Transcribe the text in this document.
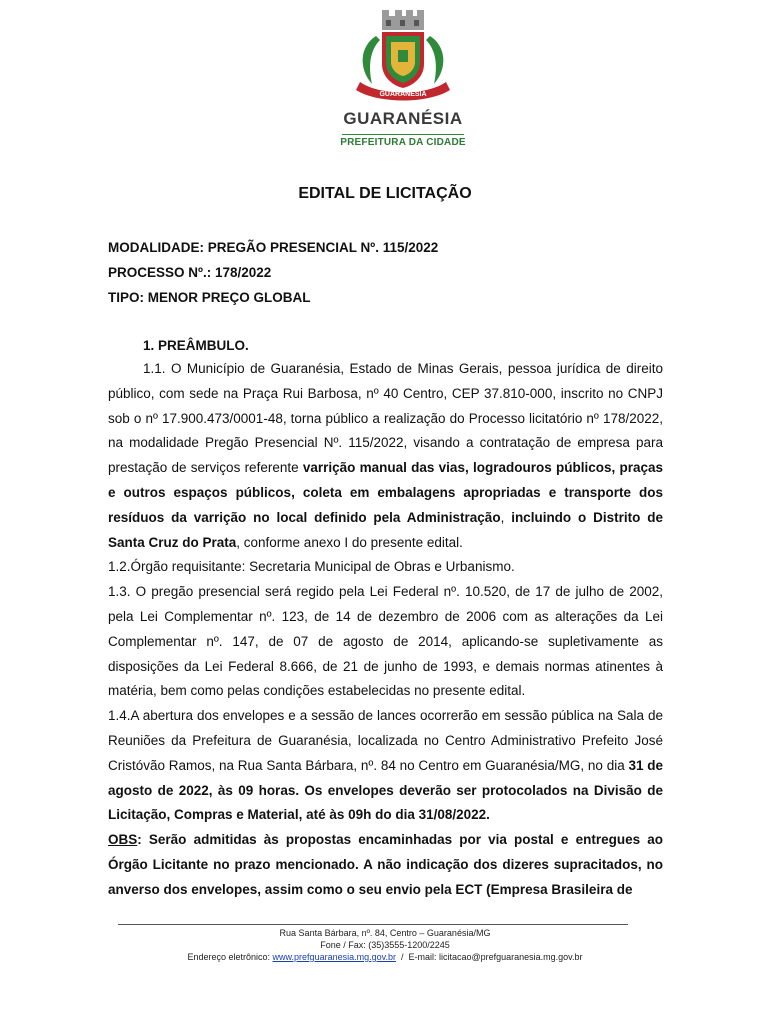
GUARANÉSIA
GUARANÉSIA
PREFEITURA DA CIDADE
EDITAL DE LICITAÇÃO
MODALIDADE: PREGÃO PRESENCIAL Nº. 115/2022
PROCESSO Nº.: 178/2022
TIPO: MENOR PREÇO GLOBAL
1. PREÂMBULO.

1.1. O Município de Guaranésia, Estado de Minas Gerais, pessoa jurídica de direito público, com sede na Praça Rui Barbosa, nº 40 Centro, CEP 37.810-000, inscrito no CNPJ sob o nº 17.900.473/0001-48, torna público a realização do Processo licitatório nº 178/2022, na modalidade Pregão Presencial Nº. 115/2022, visando a contratação de empresa para prestação de serviços referente varrição manual das vias, logradouros públicos, praças e outros espaços públicos, coleta em embalagens apropriadas e transporte dos resíduos da varrição no local definido pela Administração, incluindo o Distrito de Santa Cruz do Prata, conforme anexo I do presente edital.

1.2.Órgão requisitante: Secretaria Municipal de Obras e Urbanismo.

1.3. O pregão presencial será regido pela Lei Federal nº. 10.520, de 17 de julho de 2002, pela Lei Complementar nº. 123, de 14 de dezembro de 2006 com as alterações da Lei Complementar nº. 147, de 07 de agosto de 2014, aplicando-se supletivamente as disposições da Lei Federal 8.666, de 21 de junho de 1993, e demais normas atinentes à matéria, bem como pelas condições estabelecidas no presente edital.

1.4.A abertura dos envelopes e a sessão de lances ocorrerão em sessão pública na Sala de Reuniões da Prefeitura de Guaranésia, localizada no Centro Administrativo Prefeito José Cristóvão Ramos, na Rua Santa Bárbara, nº. 84 no Centro em Guaranésia/MG, no dia 31 de agosto de 2022, às 09 horas. Os envelopes deverão ser protocolados na Divisão de Licitação, Compras e Material, até às 09h do dia 31/08/2022.

OBS: Serão admitidas às propostas encaminhadas por via postal e entregues ao Órgão Licitante no prazo mencionado. A não indicação dos dizeres supracitados, no anverso dos envelopes, assim como o seu envio pela ECT (Empresa Brasileira de

Rua Santa Bárbara, nº. 84, Centro – Guaranésia/MG
Fone / Fax: (35)3555-1200/2245
Endereço eletrônico: www.prefguaranesia.mg.gov.br  /  E-mail: licitacao@prefguaranesia.mg.gov.br
